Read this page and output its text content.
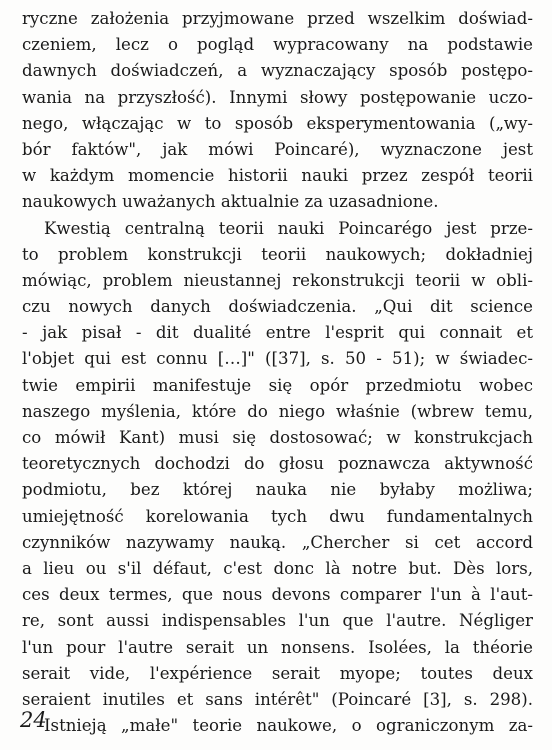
ryczne założenia przyjmowane przed wszelkim doświad-
czeniem, lecz o pogląd wypracowany na podstawie
dawnych doświadczeń, a wyznaczający sposób postępo-
wania na przyszłość). Innymi słowy postępowanie uczo-
nego, włączając w to sposób eksperymentowania („wy-
bór faktów", jak mówi Poincaré), wyznaczone jest
w każdym momencie historii nauki przez zespół teorii
naukowych uważanych aktualnie za uzasadnione.
Kwestią centralną teorii nauki Poincarégo jest prze-
to problem konstrukcji teorii naukowych; dokładniej
mówiąc, problem nieustannej rekonstrukcji teorii w obli-
czu nowych danych doświadczenia. „Qui dit science
- jak pisał - dit dualité entre l'esprit qui connait et
l'objet qui est connu […]" ([37], s. 50 - 51); w świadec-
twie empirii manifestuje się opór przedmiotu wobec
naszego myślenia, które do niego właśnie (wbrew temu,
co mówił Kant) musi się dostosować; w konstrukcjach
teoretycznych dochodzi do głosu poznawcza aktywność
podmiotu, bez której nauka nie byłaby możliwa;
umiejętność korelowania tych dwu fundamentalnych
czynników nazywamy nauką. „Chercher si cet accord
a lieu ou s'il défaut, c'est donc là notre but. Dès lors,
ces deux termes, que nous devons comparer l'un à l'aut-
re, sont aussi indispensables l'un que l'autre. Négliger
l'un pour l'autre serait un nonsens. Isolées, la théorie
serait vide, l'expérience serait myope; toutes deux
seraient inutiles et sans intérêt" (Poincaré [3], s. 298).
Istnieją „małe" teorie naukowe, o ograniczonym za-
24
